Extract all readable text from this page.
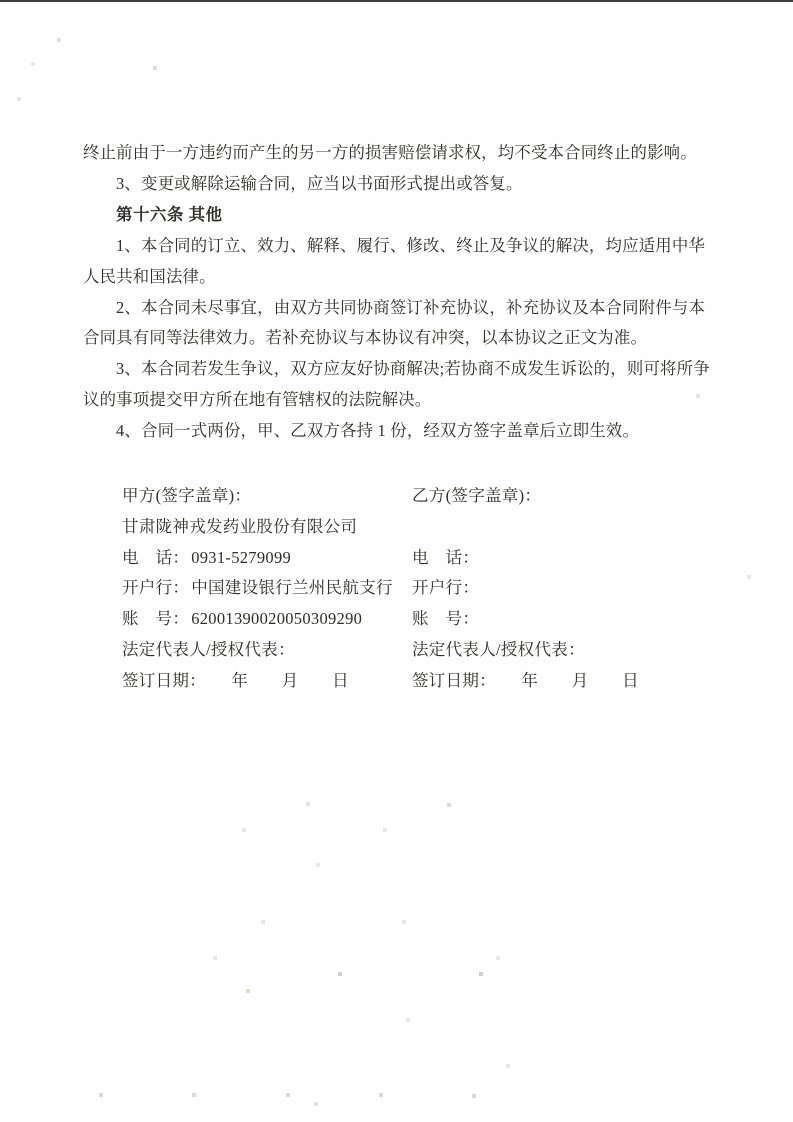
终止前由于一方违约而产生的另一方的损害赔偿请求权，均不受本合同终止的影响。
3、变更或解除运输合同，应当以书面形式提出或答复。
第十六条 其他
1、本合同的订立、效力、解释、履行、修改、终止及争议的解决，均应适用中华
人民共和国法律。
2、本合同未尽事宜，由双方共同协商签订补充协议，补充协议及本合同附件与本
合同具有同等法律效力。若补充协议与本协议有冲突，以本协议之正文为准。
3、本合同若发生争议，双方应友好协商解决;若协商不成发生诉讼的，则可将所争
议的事项提交甲方所在地有管辖权的法院解决。
4、合同一式两份，甲、乙双方各持 1 份，经双方签字盖章后立即生效。
甲方(签字盖章)：
甘肃陇神戎发药业股份有限公司
电　话： 0931-5279099
开户行： 中国建设银行兰州民航支行
账　号： 62001390020050309290
法定代表人/授权代表：
签订日期：　　年　　月　　日
乙方(签字盖章)：
电　话：
开户行：
账　号：
法定代表人/授权代表：
签订日期：　　年　　月　　日
